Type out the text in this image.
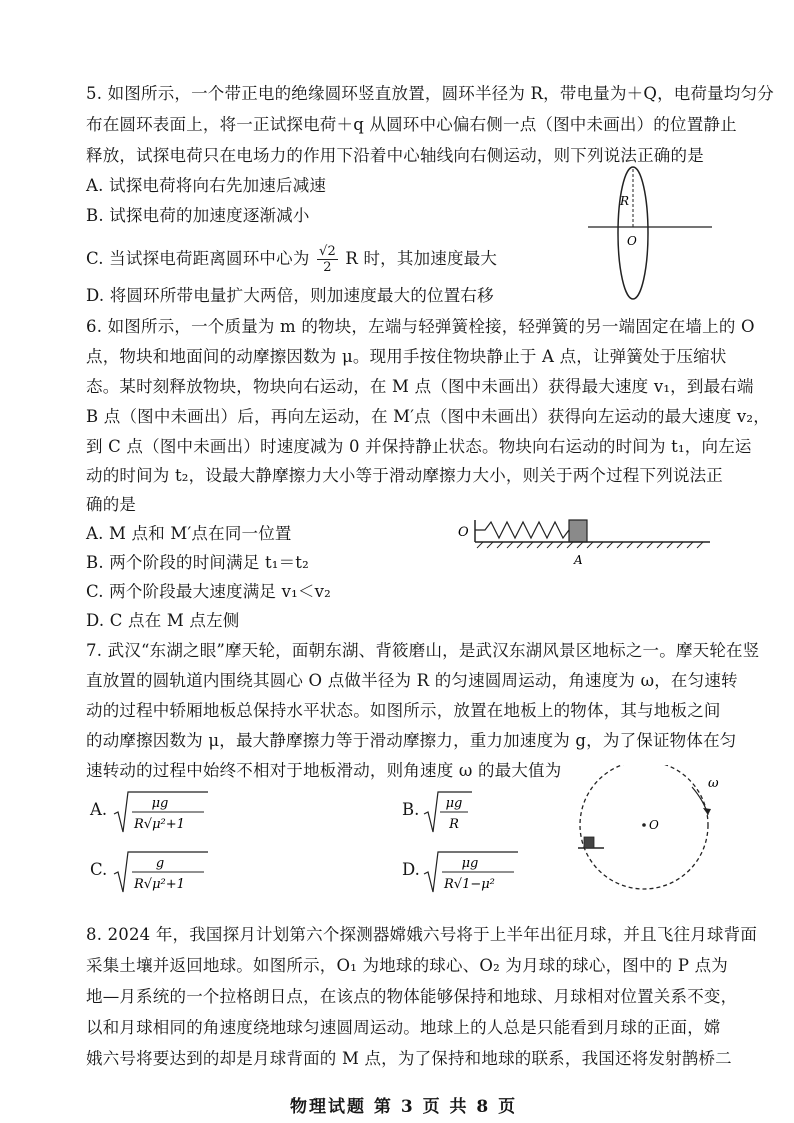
5. 如图所示，一个带正电的绝缘圆环竖直放置，圆环半径为 R，带电量为＋Q，电荷量均匀分
布在圆环表面上，将一正试探电荷＋q 从圆环中心偏右侧一点（图中未画出）的位置静止
释放，试探电荷只在电场力的作用下沿着中心轴线向右侧运动，则下列说法正确的是
A. 试探电荷将向右先加速后减速
B. 试探电荷的加速度逐渐减小
C. 当试探电荷距离圆环中心为 $\frac{√2}{2}$ R 时，其加速度最大
D. 将圆环所带电量扩大两倍，则加速度最大的位置右移
R
O
6. 如图所示，一个质量为 m 的物块，左端与轻弹簧栓接，轻弹簧的另一端固定在墙上的 O
点，物块和地面间的动摩擦因数为 μ。现用手按住物块静止于 A 点，让弹簧处于压缩状
态。某时刻释放物块，物块向右运动，在 M 点（图中未画出）获得最大速度 v₁，到最右端
B 点（图中未画出）后，再向左运动，在 M′点（图中未画出）获得向左运动的最大速度 v₂，
到 C 点（图中未画出）时速度减为 0 并保持静止状态。物块向右运动的时间为 t₁，向左运
动的时间为 t₂，设最大静摩擦力大小等于滑动摩擦力大小，则关于两个过程下列说法正
确的是
A. M 点和 M′点在同一位置
B. 两个阶段的时间满足 t₁＝t₂
C. 两个阶段最大速度满足 v₁＜v₂
D. C 点在 M 点左侧
O
A
7. 武汉“东湖之眼”摩天轮，面朝东湖、背筱磨山，是武汉东湖风景区地标之一。摩天轮在竖
直放置的圆轨道内围绕其圆心 O 点做半径为 R 的匀速圆周运动，角速度为 ω，在匀速转
动的过程中轿厢地板总保持水平状态。如图所示，放置在地板上的物体，其与地板之间
的动摩擦因数为 μ，最大静摩擦力等于滑动摩擦力，重力加速度为 g，为了保证物体在匀
速转动的过程中始终不相对于地板滑动，则角速度 ω 的最大值为
A.	μg
R√μ²+1
B. μg
R
C.	g
R√μ²+1
D.	μg
R√1−μ²
O
ω
8. 2024 年，我国探月计划第六个探测器嫦娥六号将于上半年出征月球，并且飞往月球背面
采集土壤并返回地球。如图所示，O₁ 为地球的球心、O₂ 为月球的球心，图中的 P 点为
地—月系统的一个拉格朗日点，在该点的物体能够保持和地球、月球相对位置关系不变，
以和月球相同的角速度绕地球匀速圆周运动。地球上的人总是只能看到月球的正面，嫦
娥六号将要达到的却是月球背面的 M 点，为了保持和地球的联系，我国还将发射鹊桥二
物理试题 第 3 页 共 8 页
